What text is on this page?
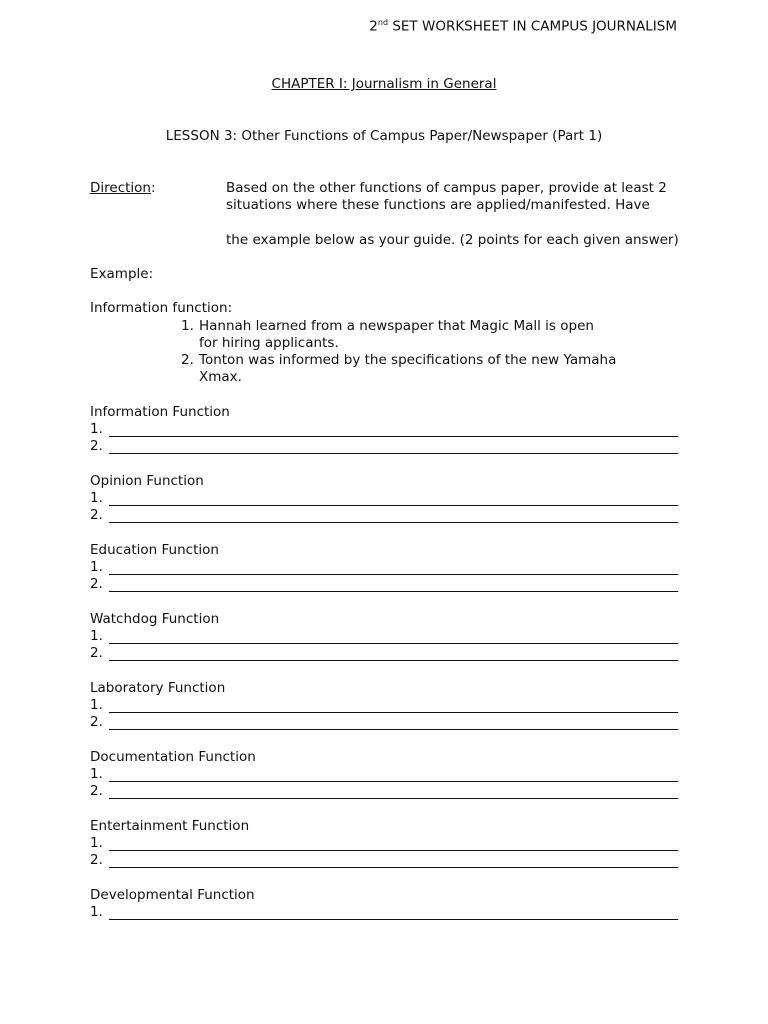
2nd SET WORKSHEET IN CAMPUS JOURNALISM
CHAPTER I: Journalism in General
LESSON 3: Other Functions of Campus Paper/Newspaper (Part 1)
Direction:	Based on the other functions of campus paper, provide at least 2 situations where these functions are applied/manifested. Have
the example below as your guide. (2 points for each given answer)
Example:
Information function:
1. Hannah learned from a newspaper that Magic Mall is open
for hiring applicants.
2. Tonton was informed by the specifications of the new Yamaha
Xmax.
Information Function
1.
2.
Opinion Function
1.
2.
Education Function
1.
2.
Watchdog Function
1.
2.
Laboratory Function
1.
2.
Documentation Function
1.
2.
Entertainment Function
1.
2.
Developmental Function
1.
